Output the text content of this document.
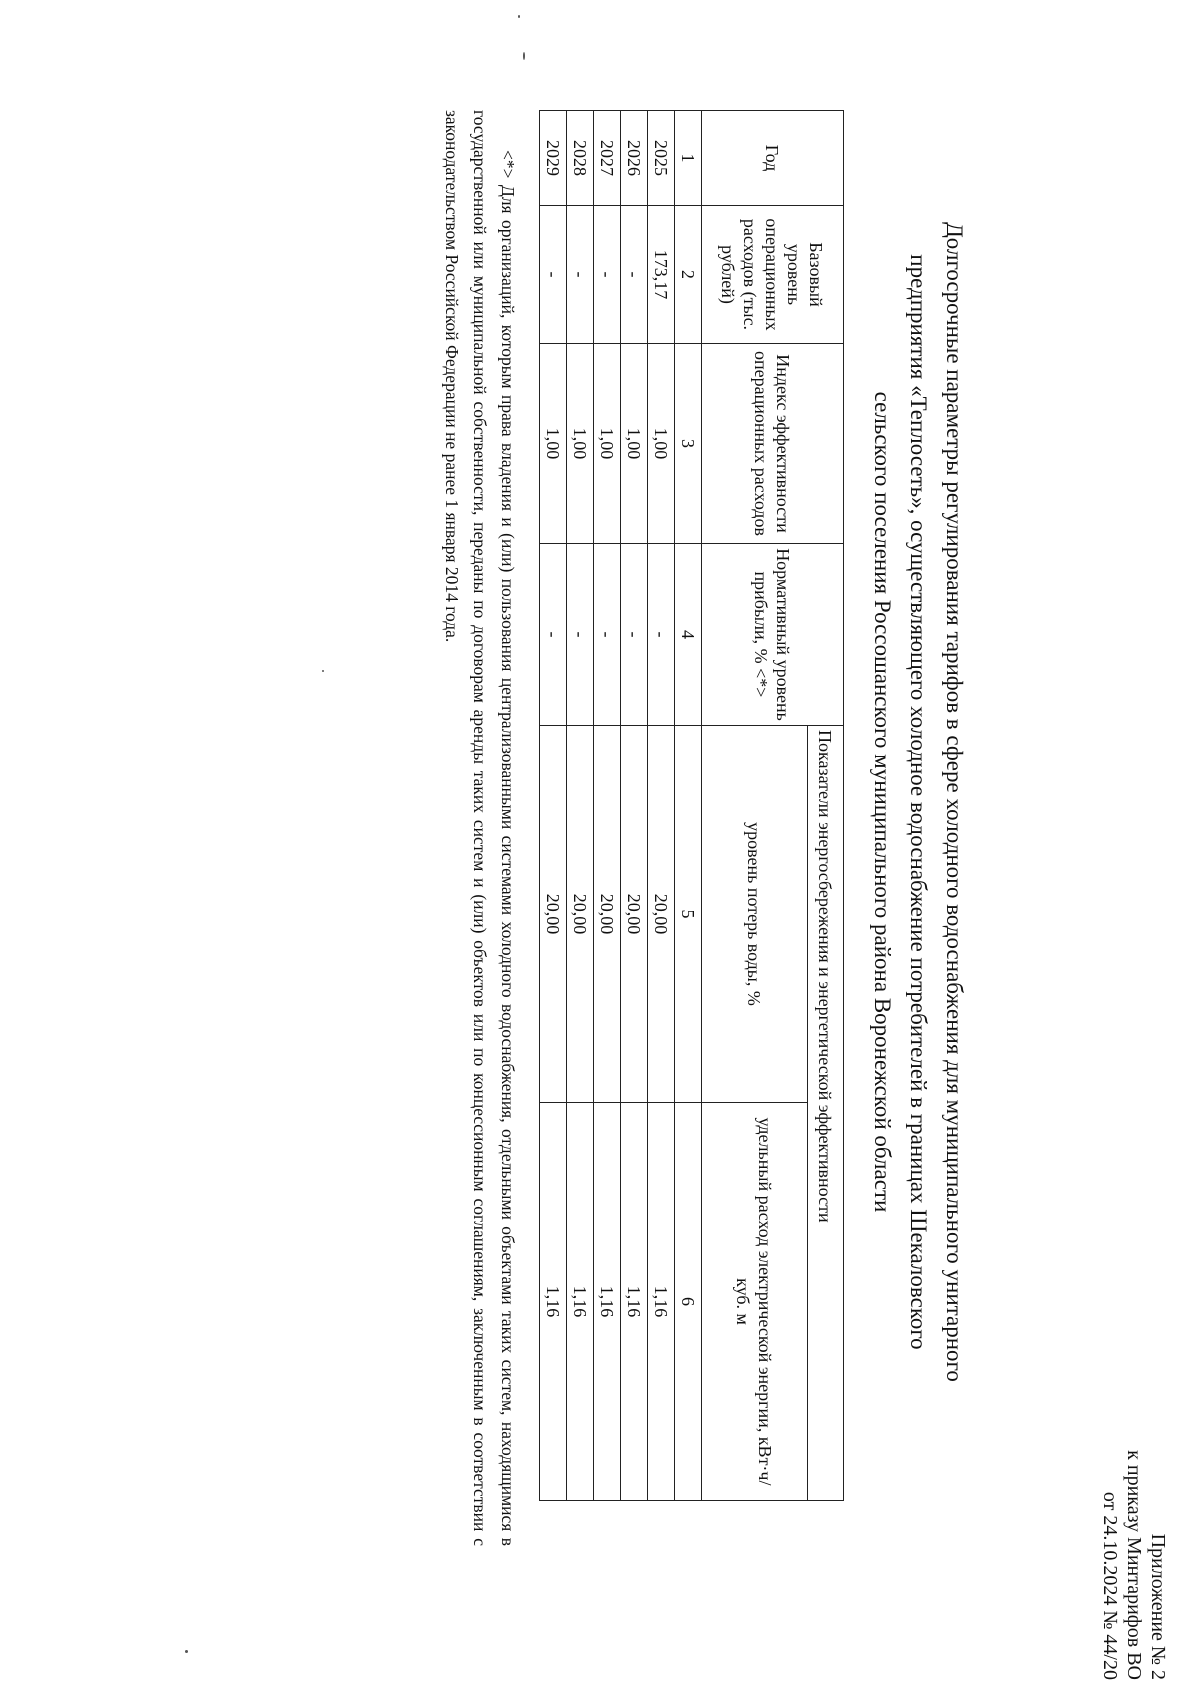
Приложение № 2
к приказу Минтарифов ВО
от 24.10.2024 № 44/20
Долгосрочные параметры регулирования тарифов в сфере холодного водоснабжения для муниципального унитарного
предприятия «Теплосеть», осуществляющего холодное водоснабжение потребителей в границах Шекаловского
сельского поселения Россошанского муниципального района Воронежской области
Год	Базовый уровень операционных расходов (тыс. рублей)	Индекс эффективности операционных расходов	Нормативный уровень прибыли, % <*>	Показатели энергосбережения и энергетической эффективности	
				уровень потерь воды, %	удельный расход электрической энергии, кВт·ч/куб. м
1	2	3	4	5	6
2025	173,17	1,00	-	20,00	1,16
2026	-	1,00	-	20,00	1,16
2027	-	1,00	-	20,00	1,16
2028	-	1,00	-	20,00	1,16
2029	-	1,00	-	20,00	1,16
<*> Для организаций, которым права владения и (или) пользования централизованными системами холодного водоснабжения, отдельными объектами таких систем, находящимися в государственной или муниципальной собственности, переданы по договорам аренды таких систем и (или) объектов или по концессионным соглашениям, заключенным в соответствии с законодательством Российской Федерации не ранее 1 января 2014 года.
